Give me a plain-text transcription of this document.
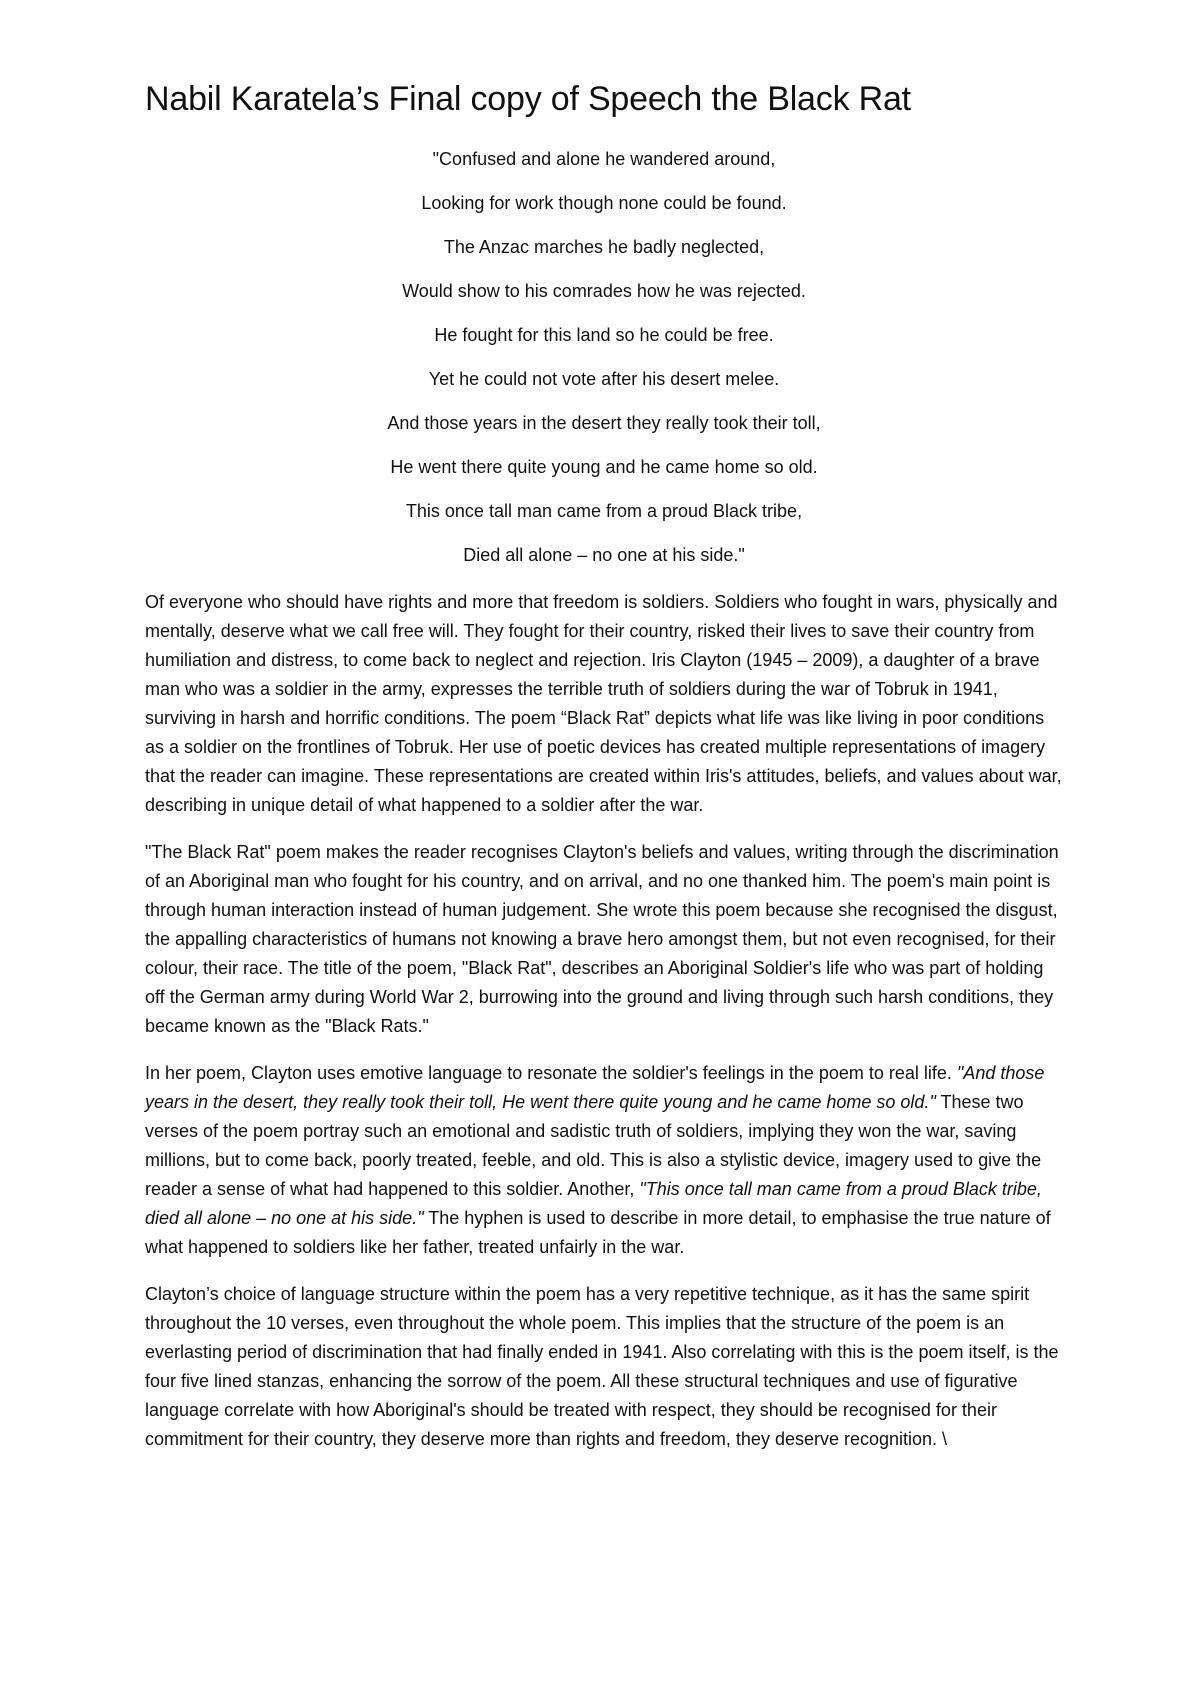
Nabil Karatela’s Final copy of Speech the Black Rat

"Confused and alone he wandered around,

Looking for work though none could be found.

The Anzac marches he badly neglected,

Would show to his comrades how he was rejected.

He fought for this land so he could be free.

Yet he could not vote after his desert melee.

And those years in the desert they really took their toll,

He went there quite young and he came home so old.

This once tall man came from a proud Black tribe,

Died all alone – no one at his side."

Of everyone who should have rights and more that freedom is soldiers. Soldiers who fought in wars, physically and mentally, deserve what we call free will. They fought for their country, risked their lives to save their country from humiliation and distress, to come back to neglect and rejection. Iris Clayton (1945 – 2009), a daughter of a brave man who was a soldier in the army, expresses the terrible truth of soldiers during the war of Tobruk in 1941, surviving in harsh and horrific conditions. The poem “Black Rat” depicts what life was like living in poor conditions as a soldier on the frontlines of Tobruk. Her use of poetic devices has created multiple representations of imagery that the reader can imagine. These representations are created within Iris's attitudes, beliefs, and values about war, describing in unique detail of what happened to a soldier after the war.

"The Black Rat" poem makes the reader recognises Clayton's beliefs and values, writing through the discrimination of an Aboriginal man who fought for his country, and on arrival, and no one thanked him. The poem's main point is through human interaction instead of human judgement. She wrote this poem because she recognised the disgust, the appalling characteristics of humans not knowing a brave hero amongst them, but not even recognised, for their colour, their race. The title of the poem, "Black Rat", describes an Aboriginal Soldier's life who was part of holding off the German army during World War 2, burrowing into the ground and living through such harsh conditions, they became known as the "Black Rats."

In her poem, Clayton uses emotive language to resonate the soldier's feelings in the poem to real life. "And those years in the desert, they really took their toll, He went there quite young and he came home so old." These two verses of the poem portray such an emotional and sadistic truth of soldiers, implying they won the war, saving millions, but to come back, poorly treated, feeble, and old. This is also a stylistic device, imagery used to give the reader a sense of what had happened to this soldier. Another, "This once tall man came from a proud Black tribe, died all alone – no one at his side." The hyphen is used to describe in more detail, to emphasise the true nature of what happened to soldiers like her father, treated unfairly in the war.

Clayton’s choice of language structure within the poem has a very repetitive technique, as it has the same spirit throughout the 10 verses, even throughout the whole poem. This implies that the structure of the poem is an everlasting period of discrimination that had finally ended in 1941. Also correlating with this is the poem itself, is the four five lined stanzas, enhancing the sorrow of the poem. All these structural techniques and use of figurative language correlate with how Aboriginal's should be treated with respect, they should be recognised for their commitment for their country, they deserve more than rights and freedom, they deserve recognition. \
